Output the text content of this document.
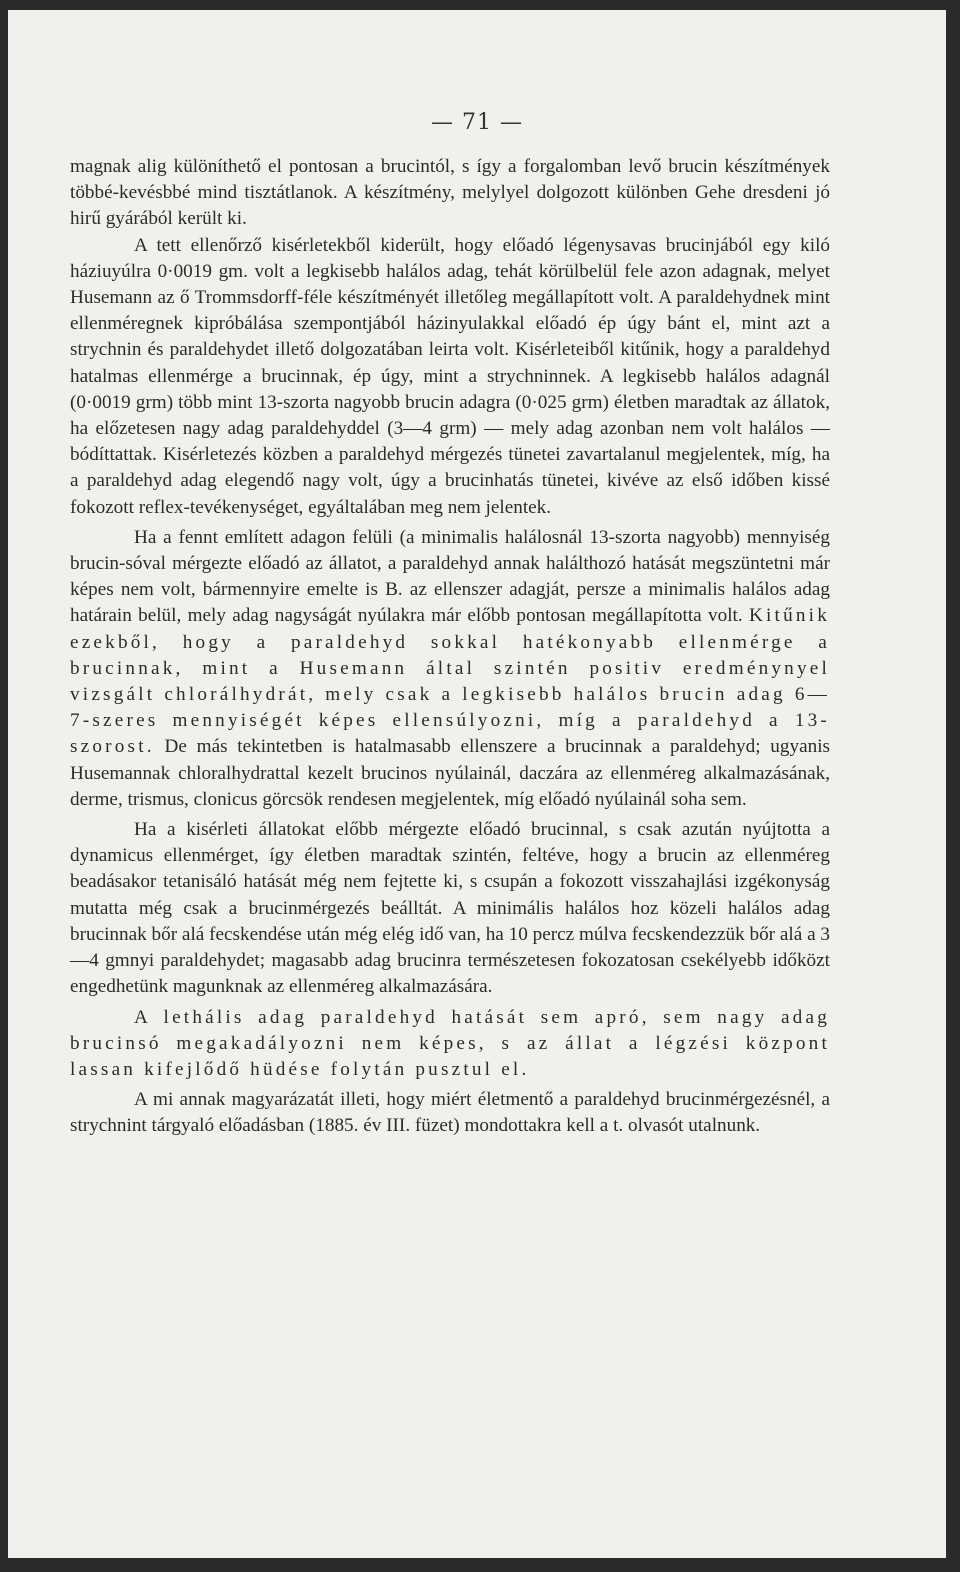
— 71 —

magnak alig különíthető el pontosan a brucintól, s így a forgalomban levő brucin készítmények többé-kevésbbé mind tisztátlanok. A készítmény, melylyel dolgozott különben Gehe dresdeni jó hirű gyárából került ki.

A tett ellenőrző kisérletekből kiderült, hogy előadó légenysavas brucinjából egy kiló háziuyúlra 0·0019 gm. volt a legkisebb halálos adag, tehát körülbelül fele azon adagnak, melyet Husemann az ő Trommsdorff-féle készítményét illetőleg megállapított volt. A paraldehydnek mint ellenméregnek kipróbálása szempontjából házinyulakkal előadó ép úgy bánt el, mint azt a strychnin és paraldehydet illető dolgozatában leirta volt. Kisérleteiből kitűnik, hogy a paraldehyd hatalmas ellenmérge a brucinnak, ép úgy, mint a strychninnek. A legkisebb halálos adagnál (0·0019 grm) több mint 13-szorta nagyobb brucin adagra (0·025 grm) életben maradtak az állatok, ha előzetesen nagy adag paraldehyddel (3—4 grm) — mely adag azonban nem volt halálos — bódíttattak. Kisérletezés közben a paraldehyd mérgezés tünetei zavartalanul megjelentek, míg, ha a paraldehyd adag elegendő nagy volt, úgy a brucinhatás tünetei, kivéve az első időben kissé fokozott reflex-tevékenységet, egyáltalában meg nem jelentek.

Ha a fennt említett adagon felüli (a minimalis halálosnál 13-szorta nagyobb) mennyiség brucin-sóval mérgezte előadó az állatot, a paraldehyd annak halálthozó hatását megszüntetni már képes nem volt, bármennyire emelte is B. az ellenszer adagját, persze a minimalis halálos adag határain belül, mely adag nagyságát nyúlakra már előbb pontosan megállapította volt. Kitűnik ezekből, hogy a paraldehyd sokkal hatékonyabb ellenmérge a brucinnak, mint a Husemann által szintén positiv eredménynyel vizsgált chlorálhydrát, mely csak a legkisebb halálos brucin adag 6—7-szeres mennyiségét képes ellensúlyozni, míg a paraldehyd a 13-szorost. De más tekintetben is hatalmasabb ellenszere a brucinnak a paraldehyd; ugyanis Husemannak chloralhydrattal kezelt brucinos nyúlainál, daczára az ellenméreg alkalmazásának, derme, trismus, clonicus görcsök rendesen megjelentek, míg előadó nyúlainál soha sem.

Ha a kisérleti állatokat előbb mérgezte előadó brucinnal, s csak azután nyújtotta a dynamicus ellenmérget, így életben maradtak szintén, feltéve, hogy a brucin az ellenméreg beadásakor tetanisáló hatását még nem fejtette ki, s csupán a fokozott visszahajlási izgékonyság mutatta még csak a brucinmérgezés beálltát. A minimális halálos hoz közeli halálos adag brucinnak bőr alá fecskendése után még elég idő van, ha 10 percz múlva fecskendezzük bőr alá a 3—4 gmnyi paraldehydet; magasabb adag brucinra természetesen fokozatosan csekélyebb időközt engedhetünk magunknak az ellenméreg alkalmazására.

A lethális adag paraldehyd hatását sem apró, sem nagy adag brucinsó megakadályozni nem képes, s az állat a légzési központ lassan kifejlődő hüdése folytán pusztul el.

A mi annak magyarázatát illeti, hogy miért életmentő a paraldehyd brucinmérgezésnél, a strychnint tárgyaló előadásban (1885. év III. füzet) mondottakra kell a t. olvasót utalnunk.
